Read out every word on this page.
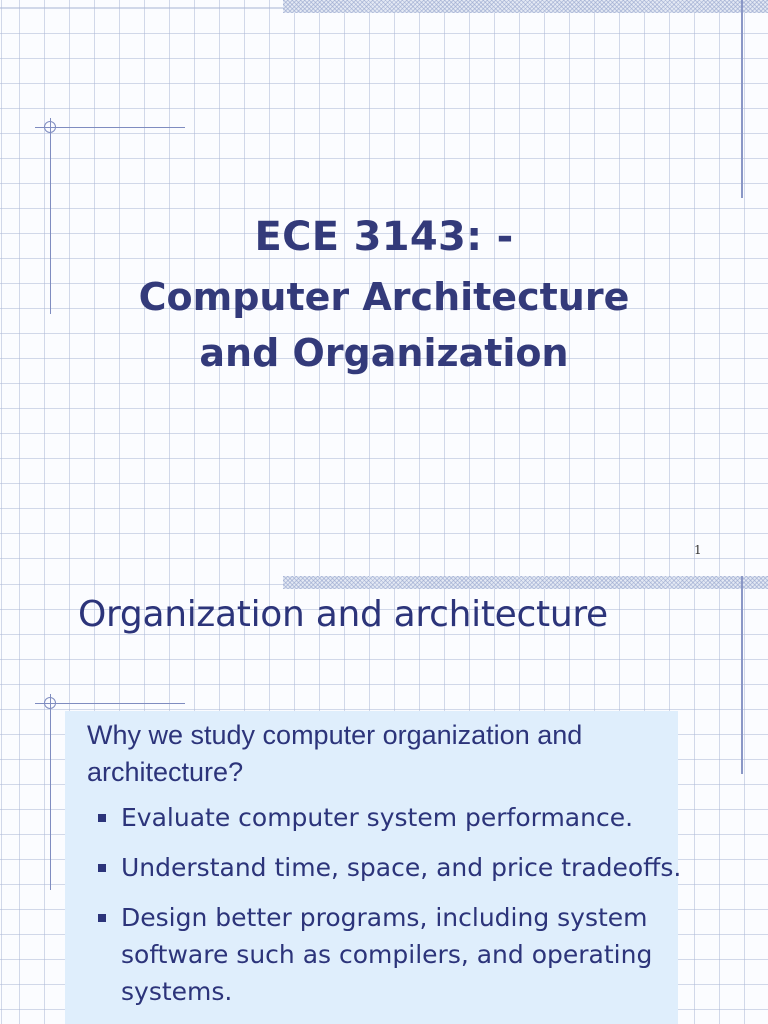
ECE 3143: -
Computer Architecture
and Organization
1
Organization and architecture

Why we study computer organization and architecture?

Evaluate computer system performance.
Understand time, space, and price tradeoffs.
Design better programs, including system software such as compilers, and operating systems.
